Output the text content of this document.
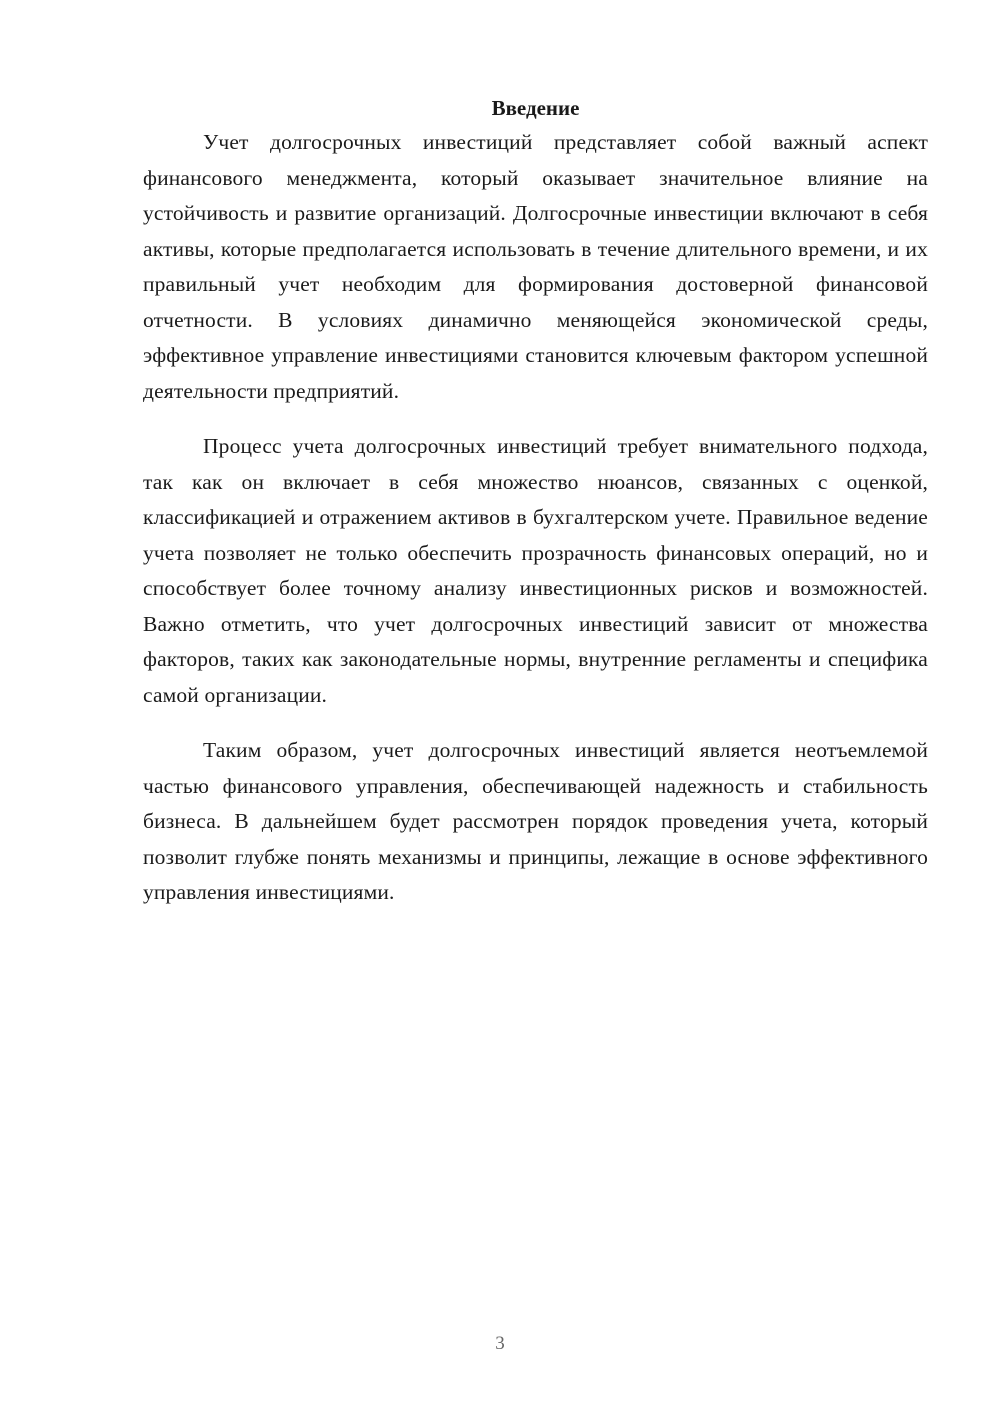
Введение

Учет долгосрочных инвестиций представляет собой важный аспект финансового менеджмента, который оказывает значительное влияние на устойчивость и развитие организаций. Долгосрочные инвестиции включают в себя активы, которые предполагается использовать в течение длительного времени, и их правильный учет необходим для формирования достоверной финансовой отчетности. В условиях динамично меняющейся экономической среды, эффективное управление инвестициями становится ключевым фактором успешной деятельности предприятий.

Процесс учета долгосрочных инвестиций требует внимательного подхода, так как он включает в себя множество нюансов, связанных с оценкой, классификацией и отражением активов в бухгалтерском учете. Правильное ведение учета позволяет не только обеспечить прозрачность финансовых операций, но и способствует более точному анализу инвестиционных рисков и возможностей. Важно отметить, что учет долгосрочных инвестиций зависит от множества факторов, таких как законодательные нормы, внутренние регламенты и специфика самой организации.

Таким образом, учет долгосрочных инвестиций является неотъемлемой частью финансового управления, обеспечивающей надежность и стабильность бизнеса. В дальнейшем будет рассмотрен порядок проведения учета, который позволит глубже понять механизмы и принципы, лежащие в основе эффективного управления инвестициями.

3
